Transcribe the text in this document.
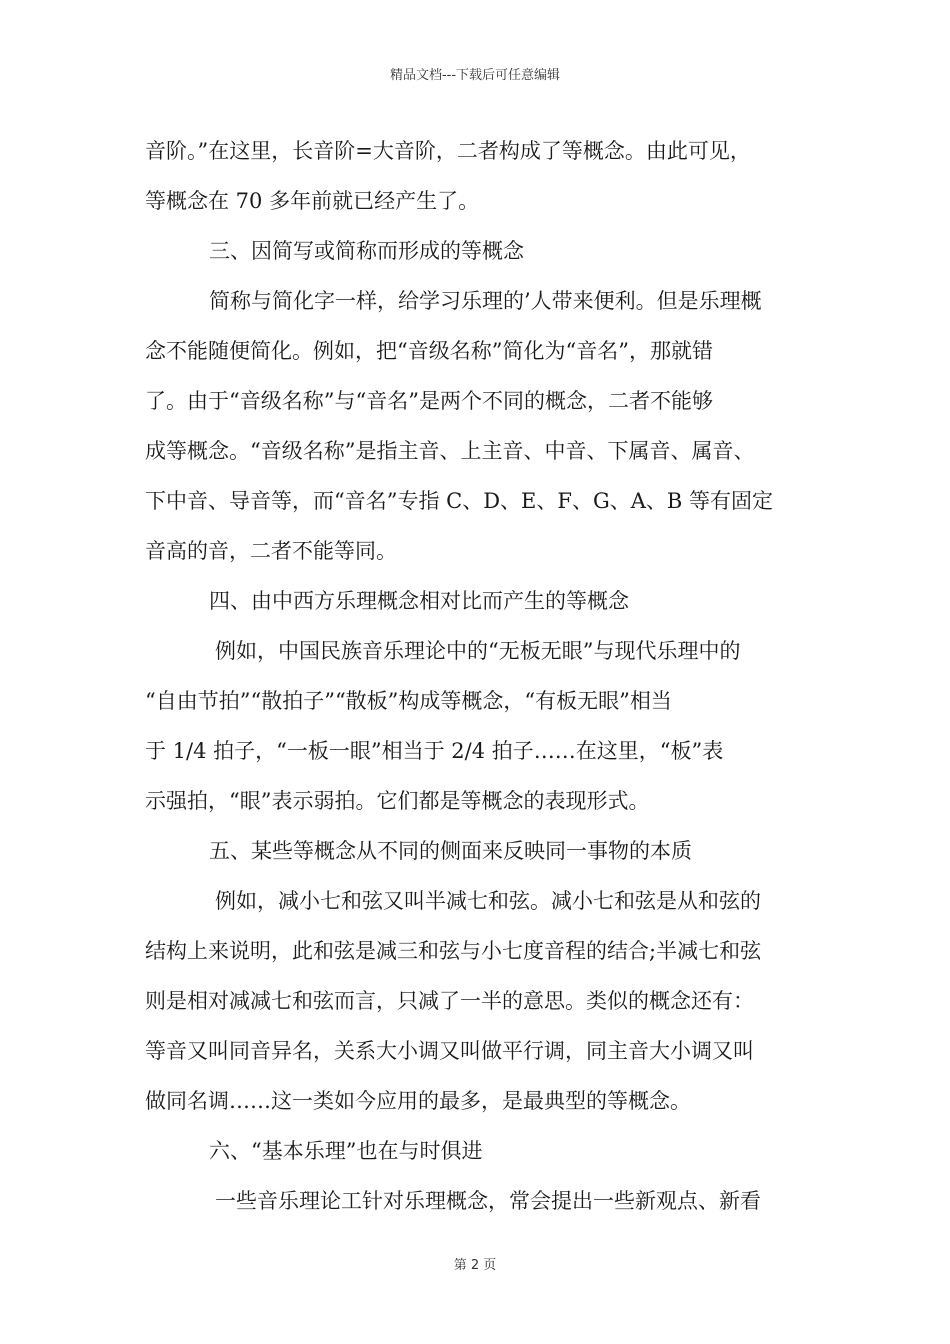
精品文档---下载后可任意编辑
音阶。”在这里，长音阶=大音阶，二者构成了等概念。由此可见，
等概念在 70 多年前就已经产生了。
三、因简写或简称而形成的等概念
简称与简化字一样，给学习乐理的’人带来便利。但是乐理概
念不能随便简化。例如，把“音级名称”简化为“音名”，那就错
了。由于“音级名称”与“音名”是两个不同的概念，二者不能够
成等概念。“音级名称”是指主音、上主音、中音、下属音、属音、
下中音、导音等，而“音名”专指 C、D、E、F、G、A、B 等有固定
音高的音，二者不能等同。
四、由中西方乐理概念相对比而产生的等概念
例如，中国民族音乐理论中的“无板无眼”与现代乐理中的
“自由节拍”“散拍子”“散板”构成等概念，“有板无眼”相当
于 1/4 拍子，“一板一眼”相当于 2/4 拍子……在这里，“板”表
示强拍，“眼”表示弱拍。它们都是等概念的表现形式。
五、某些等概念从不同的侧面来反映同一事物的本质
例如，减小七和弦又叫半减七和弦。减小七和弦是从和弦的
结构上来说明，此和弦是减三和弦与小七度音程的结合;半减七和弦
则是相对减减七和弦而言，只减了一半的意思。类似的概念还有：
等音又叫同音异名，关系大小调又叫做平行调，同主音大小调又叫
做同名调……这一类如今应用的最多，是最典型的等概念。
六、“基本乐理”也在与时俱进
一些音乐理论工针对乐理概念，常会提出一些新观点、新看
第 2 页
